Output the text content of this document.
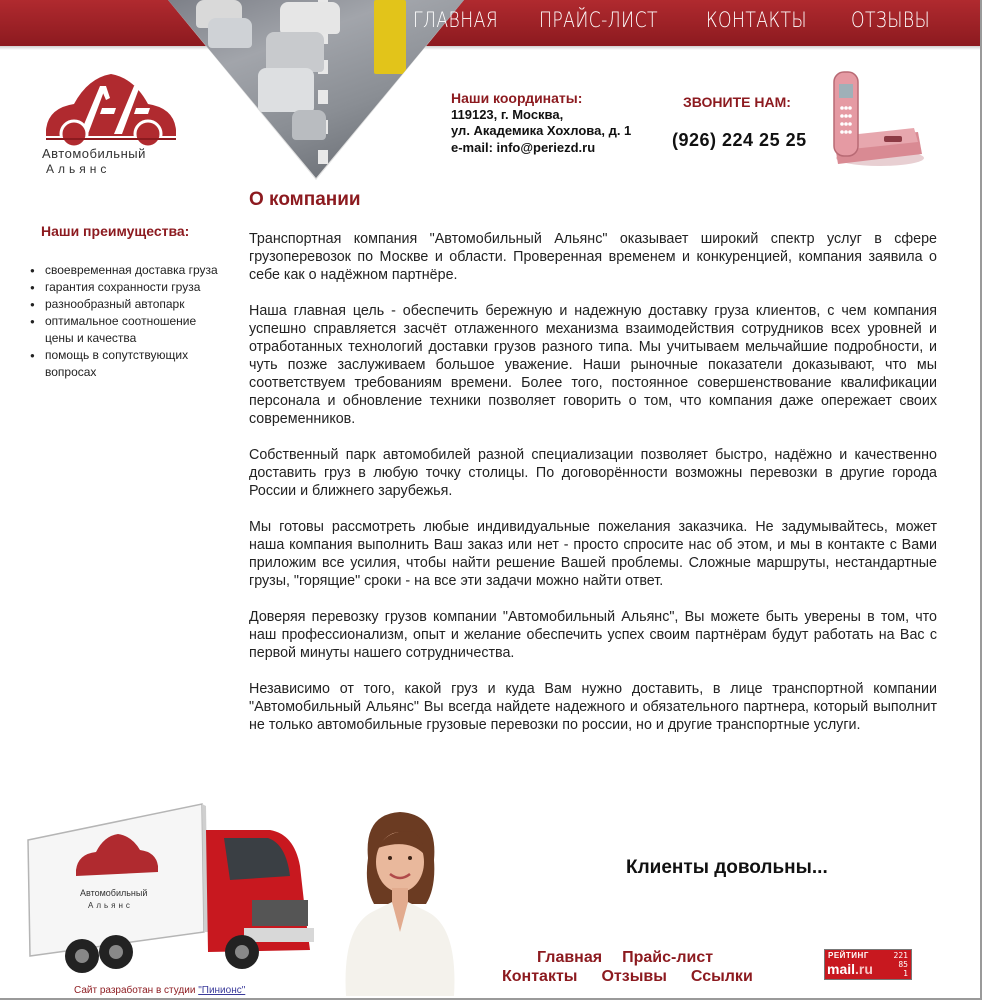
ГЛАВНАЯ ПРАЙС-ЛИСТ КОНТАКТЫ ОТЗЫВЫ
Автомобильный
Альянс
Наши координаты:
119123, г. Москва,
ул. Академика Хохлова, д. 1
e-mail: info@periezd.ru
ЗВОНИТЕ НАМ:
(926) 224 25 25
Наши преимущества:
● своевременная доставка груза
● гарантия сохранности груза
● разнообразный автопарк
● оптимальное соотношение цены и качества
● помощь в сопутствующих вопросах
О компании

Транспортная компания "Автомобильный Альянс" оказывает широкий спектр услуг в сфере грузоперевозок по Москве и области. Проверенная временем и конкуренцией, компания заявила о себе как о надёжном партнёре.

Наша главная цель - обеспечить бережную и надежную доставку груза клиентов, с чем компания успешно справляется засчёт отлаженного механизма взаимодействия сотрудников всех уровней и отработанных технологий доставки грузов разного типа. Мы учитываем мельчайшие подробности, и чуть позже заслуживаем большое уважение. Наши рыночные показатели доказывают, что мы соответствуем требованиям времени. Более того, постоянное совершенствование квалификации персонала и обновление техники позволяет говорить о том, что компания даже опережает своих современников.

Собственный парк автомобилей разной специализации позволяет быстро, надёжно и качественно доставить груз в любую точку столицы. По договорённости возможны перевозки в другие города России и ближнего зарубежья.

Мы готовы рассмотреть любые индивидуальные пожелания заказчика. Не задумывайтесь, может наша компания выполнить Ваш заказ или нет - просто спросите нас об этом, и мы в контакте с Вами приложим все усилия, чтобы найти решение Вашей проблемы. Сложные маршруты, нестандартные грузы, "горящие" сроки - на все эти задачи можно найти ответ.

Доверяя перевозку грузов компании "Автомобильный Альянс", Вы можете быть уверены в том, что наш профессионализм, опыт и желание обеспечить успех своим партнёрам будут работать на Вас с первой минуты нашего сотрудничества.

Независимо от того, какой груз и куда Вам нужно доставить, в лице транспортной компании "Автомобильный Альянс" Вы всегда найдете надежного и обязательного партнера, который выполнит не только автомобильные грузовые перевозки по россии, но и другие транспортные услуги.

Автомобильный
Альянс
Клиенты довольны...
Главная Прайс-лист
Контакты Отзывы Ссылки
Сайт разработан в студии "Пинионс"
РЕЙТИНГ
mail.ru
221
85
1
